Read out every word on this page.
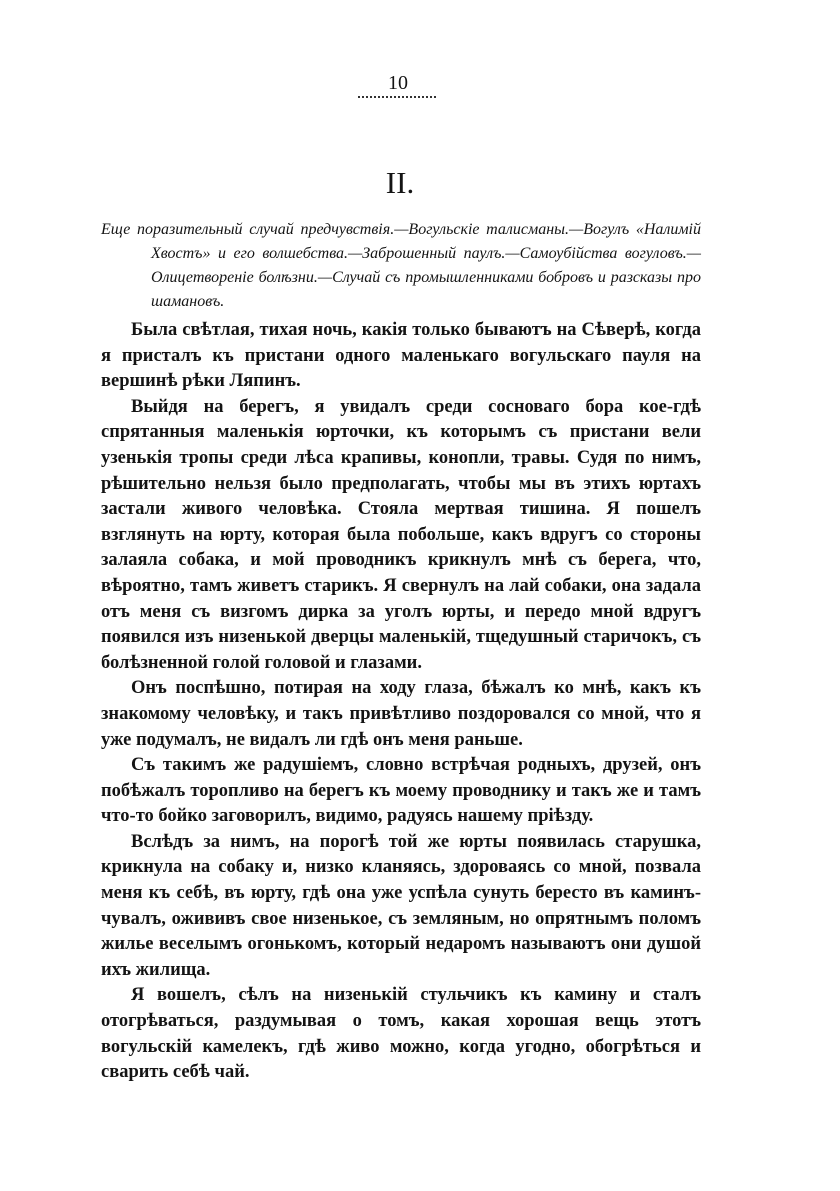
10
II.
Еще поразительный случай предчувствія.—Вогульскіе талисманы.—Вогулъ «Налимій Хвостъ» и его волшебства.—Заброшенный паулъ.—Самоубійства вогуловъ.—Олицетвореніе болѣзни.—Случай съ промышленниками бобровъ и разсказы про шамановъ.

Была свѣтлая, тихая ночь, какія только бываютъ на Сѣверѣ, когда я присталъ къ пристани одного маленькаго вогульскаго пауля на вершинѣ рѣки Ляпинъ.

Выйдя на берегъ, я увидалъ среди сосноваго бора кое-гдѣ спрятанныя маленькія юрточки, къ которымъ съ пристани вели узенькія тропы среди лѣса крапивы, конопли, травы. Судя по нимъ, рѣшительно нельзя было предполагать, чтобы мы въ этихъ юртахъ застали живого человѣка. Стояла мертвая тишина. Я пошелъ взглянуть на юрту, которая была побольше, какъ вдругъ со стороны залаяла собака, и мой проводникъ крикнулъ мнѣ съ берега, что, вѣроятно, тамъ живетъ старикъ. Я свернулъ на лай собаки, она задала отъ меня съ визгомъ дирка за уголъ юрты, и передо мной вдругъ появился изъ низенькой дверцы маленькій, тщедушный старичокъ, съ болѣзненной голой головой и глазами.

Онъ поспѣшно, потирая на ходу глаза, бѣжалъ ко мнѣ, какъ къ знакомому человѣку, и такъ привѣтливо поздоровался со мной, что я уже подумалъ, не видалъ ли гдѣ онъ меня раньше.

Съ такимъ же радушіемъ, словно встрѣчая родныхъ, друзей, онъ побѣжалъ торопливо на берегъ къ моему проводнику и такъ же и тамъ что-то бойко заговорилъ, видимо, радуясь нашему пріѣзду.

Вслѣдъ за нимъ, на порогѣ той же юрты появилась старушка, крикнула на собаку и, низко кланяясь, здороваясь со мной, позвала меня къ себѣ, въ юрту, гдѣ она уже успѣла сунуть бересто въ каминъ-чувалъ, ожививъ свое низенькое, съ земляным, но опрятнымъ поломъ жилье веселымъ огонькомъ, который недаромъ называютъ они душой ихъ жилища.

Я вошелъ, сѣлъ на низенькій стульчикъ къ камину и сталъ отогрѣваться, раздумывая о томъ, какая хорошая вещь этотъ вогульскій камелекъ, гдѣ живо можно, когда угодно, обогрѣться и сварить себѣ чай.
